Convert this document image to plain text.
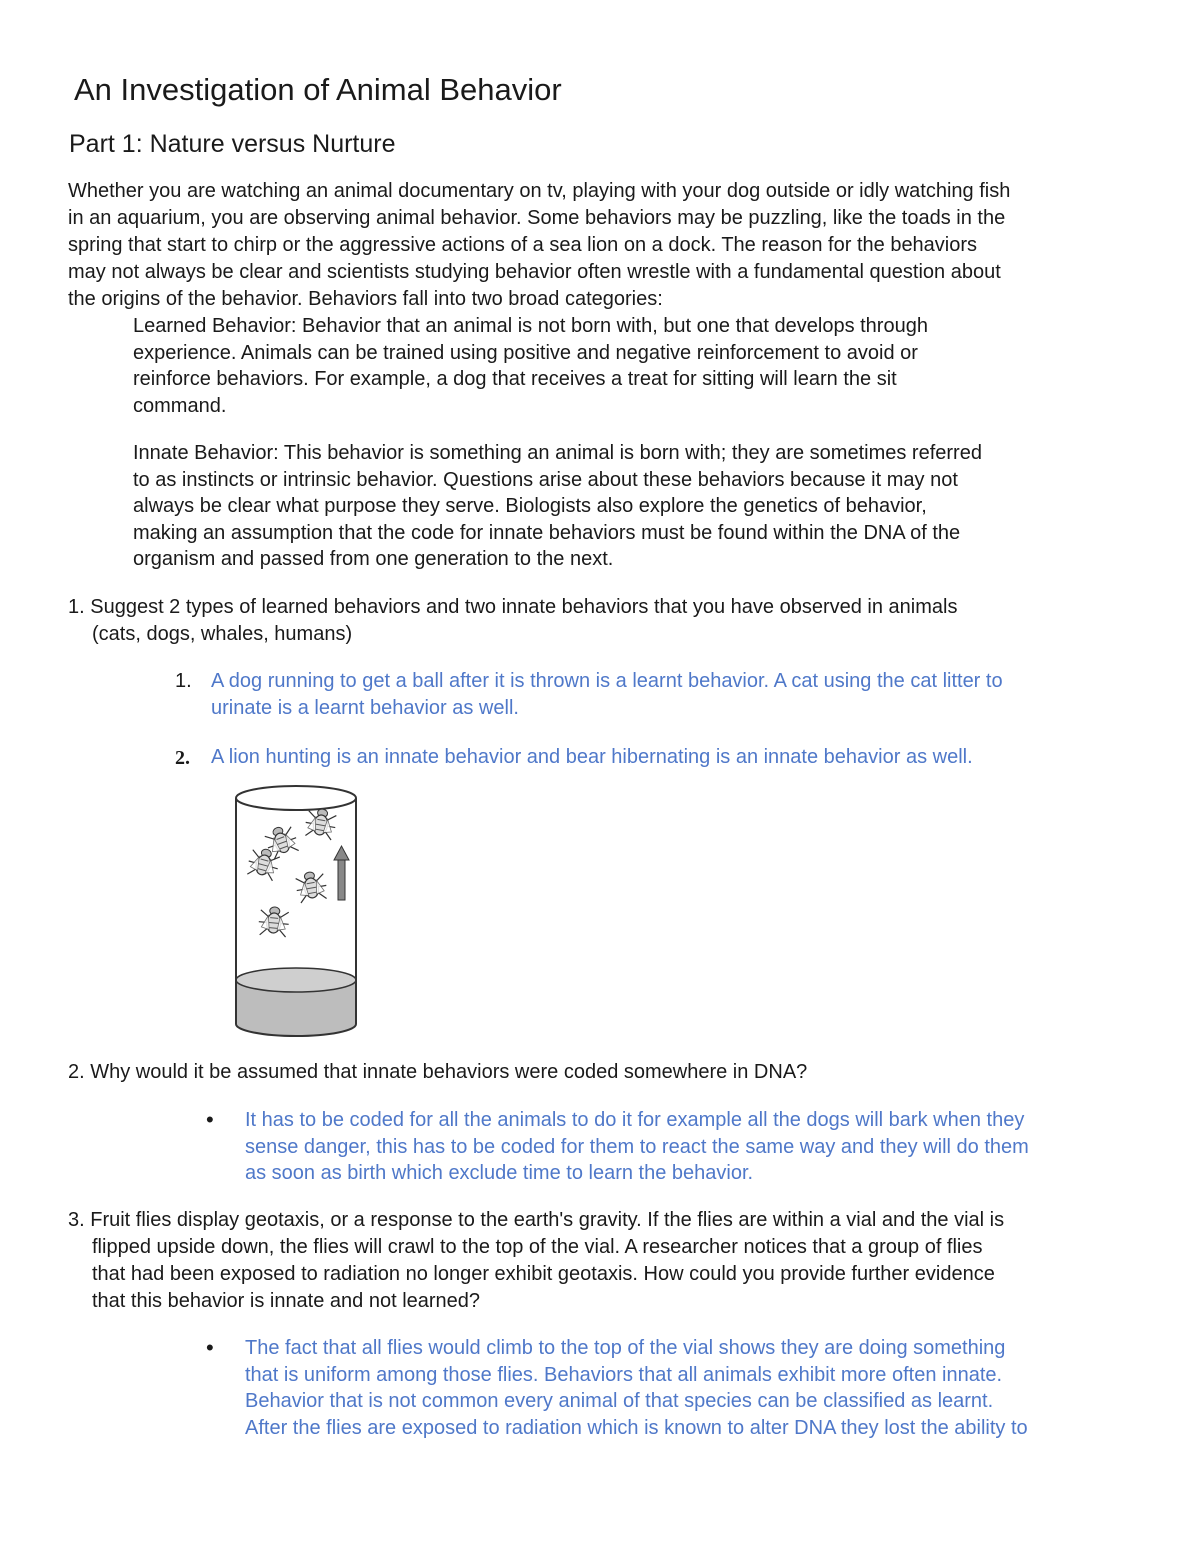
An Investigation of Animal Behavior
Part 1: Nature versus Nurture

Whether you are watching an animal documentary on tv, playing with your dog outside or idly watching fish
in an aquarium, you are observing animal behavior. Some behaviors may be puzzling, like the toads in the
spring that start to chirp or the aggressive actions of a sea lion on a dock. The reason for the behaviors
may not always be clear and scientists studying behavior often wrestle with a fundamental question about
the origins of the behavior. Behaviors fall into two broad categories:

Learned Behavior: Behavior that an animal is not born with, but one that develops through
experience. Animals can be trained using positive and negative reinforcement to avoid or
reinforce behaviors. For example, a dog that receives a treat for sitting will learn the sit
command.

Innate Behavior: This behavior is something an animal is born with; they are sometimes referred
to as instincts or intrinsic behavior. Questions arise about these behaviors because it may not
always be clear what purpose they serve. Biologists also explore the genetics of behavior,
making an assumption that the code for innate behaviors must be found within the DNA of the
organism and passed from one generation to the next.

1. Suggest 2 types of learned behaviors and two innate behaviors that you have observed in animals
(cats, dogs, whales, humans)

1. A dog running to get a ball after it is thrown is a learnt behavior. A cat using the cat litter to
urinate is a learnt behavior as well.

2. A lion hunting is an innate behavior and bear hibernating is an innate behavior as well.

2. Why would it be assumed that innate behaviors were coded somewhere in DNA?

• It has to be coded for all the animals to do it for example all the dogs will bark when they
sense danger, this has to be coded for them to react the same way and they will do them
as soon as birth which exclude time to learn the behavior.

3. Fruit flies display geotaxis, or a response to the earth's gravity. If the flies are within a vial and the vial is
flipped upside down, the flies will crawl to the top of the vial. A researcher notices that a group of flies
that had been exposed to radiation no longer exhibit geotaxis. How could you provide further evidence
that this behavior is innate and not learned?

• The fact that all flies would climb to the top of the vial shows they are doing something
that is uniform among those flies. Behaviors that all animals exhibit more often innate.
Behavior that is not common every animal of that species can be classified as learnt.
After the flies are exposed to radiation which is known to alter DNA they lost the ability to
